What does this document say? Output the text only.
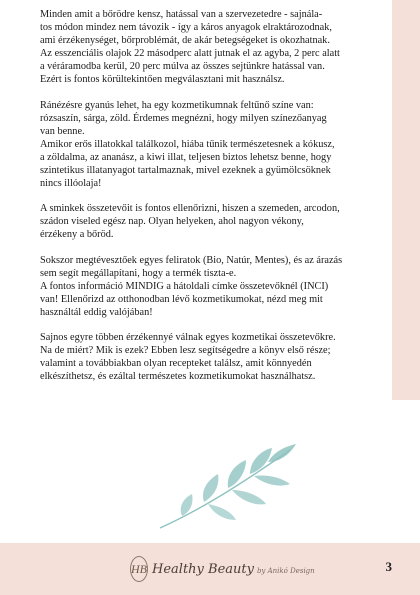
Minden amit a bőrödre kensz, hatással van a szervezetedre - sajnála-
tos módon mindez nem távozik - így a káros anyagok elraktározodnak,
ami érzékenységet, bőrproblémát, de akár betegségeket is okozhatnak.
Az esszenciális olajok 22 másodperc alatt jutnak el az agyba, 2 perc alatt
a véráramodba kerül, 20 perc múlva az összes sejtünkre hatással van.
Ezért is fontos körültekintően megválasztani mit használsz.

Ránézésre gyanús lehet, ha egy kozmetikumnak feltűnő színe van:
rózsaszín, sárga, zöld. Érdemes megnézni, hogy milyen színezőanyag
van benne.
Amikor erős illatokkal találkozol, hiába tűnik természetesnek a kókusz,
a zöldalma, az ananász, a kiwi illat, teljesen biztos lehetsz benne, hogy
szintetikus illatanyagot tartalmaznak, mivel ezeknek a gyümölcsöknek
nincs illóolaja!

A sminkek összetevőit is fontos ellenőrizni, hiszen a szemeden, arcodon,
szádon viseled egész nap. Olyan helyeken, ahol nagyon vékony,
érzékeny a bőröd.

Sokszor megtévesztőek egyes feliratok (Bio, Natúr, Mentes), és az árazás
sem segít megállapítani, hogy a termék tiszta-e.
A fontos információ MINDIG a hátoldali címke összetevőknél (INCI)
van! Ellenőrizd az otthonodban lévő kozmetikumokat, nézd meg mit
használtál eddig valójában!

Sajnos egyre többen érzékennyé válnak egyes kozmetikai összetevőkre.
Na de miért? Mik is ezek? Ebben lesz segítségedre a könyv első része;
valamint a továbbiakban olyan recepteket találsz, amit könnyedén
elkészíthetsz, és ezáltal természetes kozmetikumokat használhatsz.

HB Healthy Beauty by Anikó Design	3
